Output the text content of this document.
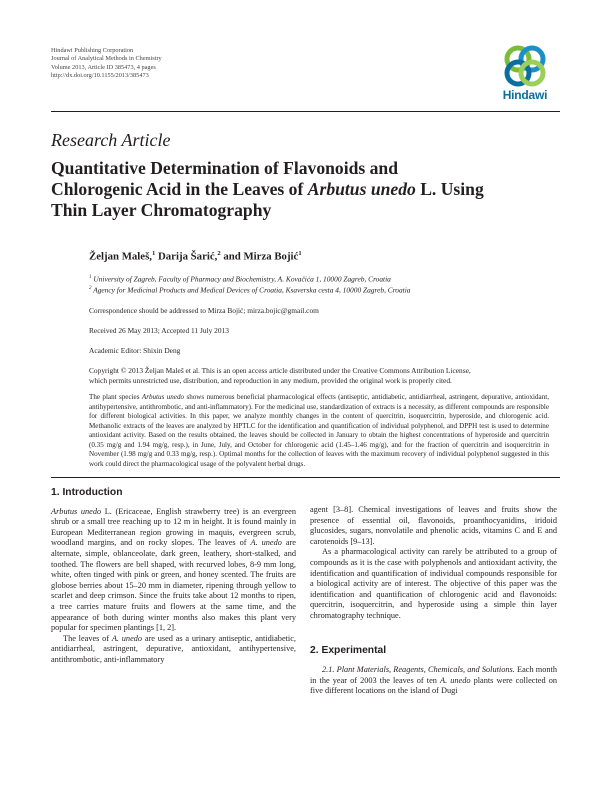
Hindawi Publishing Corporation
Journal of Analytical Methods in Chemistry
Volume 2013, Article ID 385473, 4 pages
http://dx.doi.org/10.1155/2013/385473
Hindawi
Research Article
Quantitative Determination of Flavonoids and
Chlorogenic Acid in the Leaves of Arbutus unedo L. Using
Thin Layer Chromatography
Željan Maleš,$^1$ Darija Šarić,$^2$ and Mirza Bojić$^1$
$^1$ University of Zagreb, Faculty of Pharmacy and Biochemistry, A. Kovačića 1, 10000 Zagreb, Croatia
$^2$ Agency for Medicinal Products and Medical Devices of Croatia, Ksaverska cesta 4, 10000 Zagreb, Croatia
Correspondence should be addressed to Mirza Bojić; mirza.bojic@gmail.com
Received 26 May 2013; Accepted 11 July 2013
Academic Editor: Shixin Deng
Copyright © 2013 Željan Maleš et al. This is an open access article distributed under the Creative Commons Attribution License,
which permits unrestricted use, distribution, and reproduction in any medium, provided the original work is properly cited.
The plant species Arbutus unedo shows numerous beneficial pharmacological effects (antiseptic, antidiabetic, antidiarrheal, astringent, depurative, antioxidant, antihypertensive, antithrombotic, and anti-inflammatory). For the medicinal use, standardization of extracts is a necessity, as different compounds are responsible for different biological activities. In this paper, we analyze monthly changes in the content of quercitrin, isoquercitrin, hyperoside, and chlorogenic acid. Methanolic extracts of the leaves are analyzed by HPTLC for the identification and quantification of individual polyphenol, and DPPH test is used to determine antioxidant activity. Based on the results obtained, the leaves should be collected in January to obtain the highest concentrations of hyperoside and quercitrin (0.35 mg/g and 1.94 mg/g, resp.), in June, July, and October for chlorogenic acid (1.45–1.46 mg/g), and for the fraction of quercitrin and isoquercitrin in November (1.98 mg/g and 0.33 mg/g, resp.). Optimal months for the collection of leaves with the maximum recovery of individual polyphenol suggested in this work could direct the pharmacological usage of the polyvalent herbal drugs.
1. Introduction

Arbutus unedo L. (Ericaceae, English strawberry tree) is an evergreen shrub or a small tree reaching up to 12 m in height. It is found mainly in European Mediterranean region growing in maquis, evergreen scrub, woodland margins, and on rocky slopes. The leaves of A. unedo are alternate, simple, oblanceolate, dark green, leathery, short-stalked, and toothed. The flowers are bell shaped, with recurved lobes, 8-9 mm long, white, often tinged with pink or green, and honey scented. The fruits are globose berries about 15–20 mm in diameter, ripening through yellow to scarlet and deep crimson. Since the fruits take about 12 months to ripen, a tree carries mature fruits and flowers at the same time, and the appearance of both during winter months also makes this plant very popular for specimen plantings [1, 2].

The leaves of A. unedo are used as a urinary antiseptic, antidiabetic, antidiarrheal, astringent, depurative, antioxidant, antihypertensive, antithrombotic, anti-inflammatory

agent [3–8]. Chemical investigations of leaves and fruits show the presence of essential oil, flavonoids, proanthocyanidins, iridoid glucosides, sugars, nonvolatile and phenolic acids, vitamins C and E and carotenoids [9–13].

As a pharmacological activity can rarely be attributed to a group of compounds as it is the case with polyphenols and antioxidant activity, the identification and quantification of individual compounds responsible for a biological activity are of interest. The objective of this paper was the identification and quantification of chlorogenic acid and flavonoids: quercitrin, isoquercitrin, and hyperoside using a simple thin layer chromatography technique.

2. Experimental

2.1. Plant Materials, Reagents, Chemicals, and Solutions. Each month in the year of 2003 the leaves of ten A. unedo plants were collected on five different locations on the island of Dugi
